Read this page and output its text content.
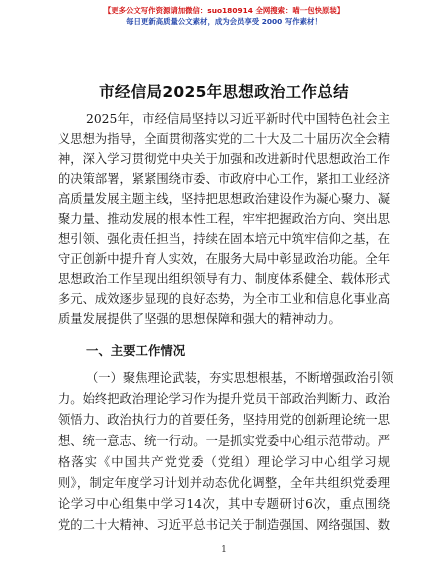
【更多公文写作资源请加微信：suo180914 全网搜索：喵一包快原装】
每日更新高质量公文素材，成为会员享受 2000 写作素材！
市经信局2025年思想政治工作总结
2025年，市经信局坚持以习近平新时代中国特色社会主
义思想为指导，全面贯彻落实党的二十大及二十届历次全会精
神，深入学习贯彻党中央关于加强和改进新时代思想政治工作
的决策部署，紧紧围绕市委、市政府中心工作，紧扣工业经济
高质量发展主题主线，坚持把思想政治建设作为凝心聚力、凝
聚力量、推动发展的根本性工程，牢牢把握政治方向、突出思
想引领、强化责任担当，持续在固本培元中筑牢信仰之基，在
守正创新中提升育人实效，在服务大局中彰显政治功能。全年
思想政治工作呈现出组织领导有力、制度体系健全、载体形式
多元、成效逐步显现的良好态势，为全市工业和信息化事业高
质量发展提供了坚强的思想保障和强大的精神动力。
一、主要工作情况
（一）聚焦理论武装，夯实思想根基，不断增强政治引领
力。始终把政治理论学习作为提升党员干部政治判断力、政治
领悟力、政治执行力的首要任务，坚持用党的创新理论统一思
想、统一意志、统一行动。一是抓实党委中心组示范带动。严
格落实《中国共产党党委（党组）理论学习中心组学习规
则》，制定年度学习计划并动态优化调整，全年共组织党委理
论学习中心组集中学习14次，其中专题研讨6次，重点围绕
党的二十大精神、习近平总书记关于制造强国、网络强国、数
1
